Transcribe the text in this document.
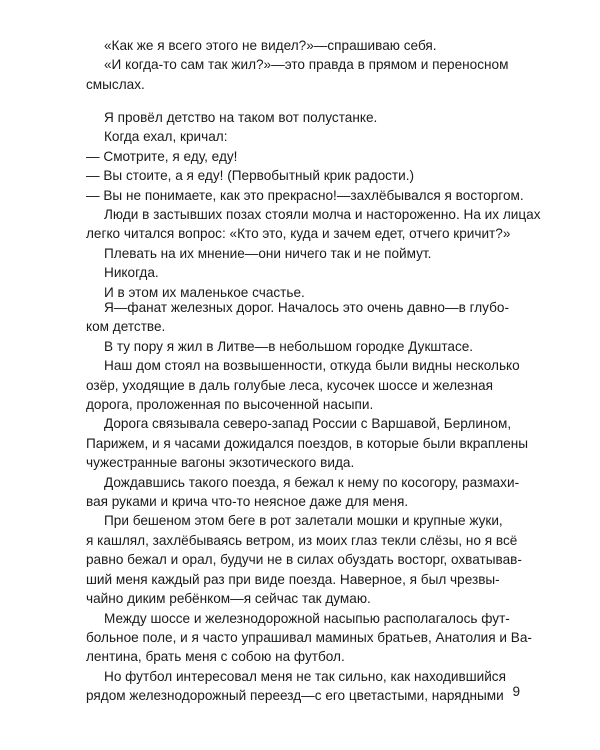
«Как же я всего этого не видел?»—спрашиваю себя.
«И когда-то сам так жил?»—это правда в прямом и переносном
смыслах.
Я провёл детство на таком вот полустанке.
Когда ехал, кричал:
— Смотрите, я еду, еду!
— Вы стоите, а я еду! (Первобытный крик радости.)
— Вы не понимаете, как это прекрасно!—захлёбывался я восторгом.
Люди в застывших позах стояли молча и настороженно. На их лицах
легко читался вопрос: «Кто это, куда и зачем едет, отчего кричит?»
Плевать на их мнение—они ничего так и не поймут.
Никогда.
И в этом их маленькое счастье.
Я—фанат железных дорог. Началось это очень давно—в глубо-
ком детстве.
В ту пору я жил в Литве—в небольшом городке Дукштасе.
Наш дом стоял на возвышенности, откуда были видны несколько
озёр, уходящие в даль голубые леса, кусочек шоссе и железная
дорога, проложенная по высоченной насыпи.
Дорога связывала северо-запад России с Варшавой, Берлином,
Парижем, и я часами дожидался поездов, в которые были вкраплены
чужестранные вагоны экзотического вида.
Дождавшись такого поезда, я бежал к нему по косогору, размахи-
вая руками и крича что-то неясное даже для меня.
При бешеном этом беге в рот залетали мошки и крупные жуки,
я кашлял, захлёбываясь ветром, из моих глаз текли слёзы, но я всё
равно бежал и орал, будучи не в силах обуздать восторг, охватывав-
ший меня каждый раз при виде поезда. Наверное, я был чрезвы-
чайно диким ребёнком—я сейчас так думаю.
Между шоссе и железнодорожной насыпью располагалось фут-
больное поле, и я часто упрашивал маминых братьев, Анатолия и Ва-
лентина, брать меня с собою на футбол.
Но футбол интересовал меня не так сильно, как находившийся
рядом железнодорожный переезд—с его цветастыми, нарядными 9
